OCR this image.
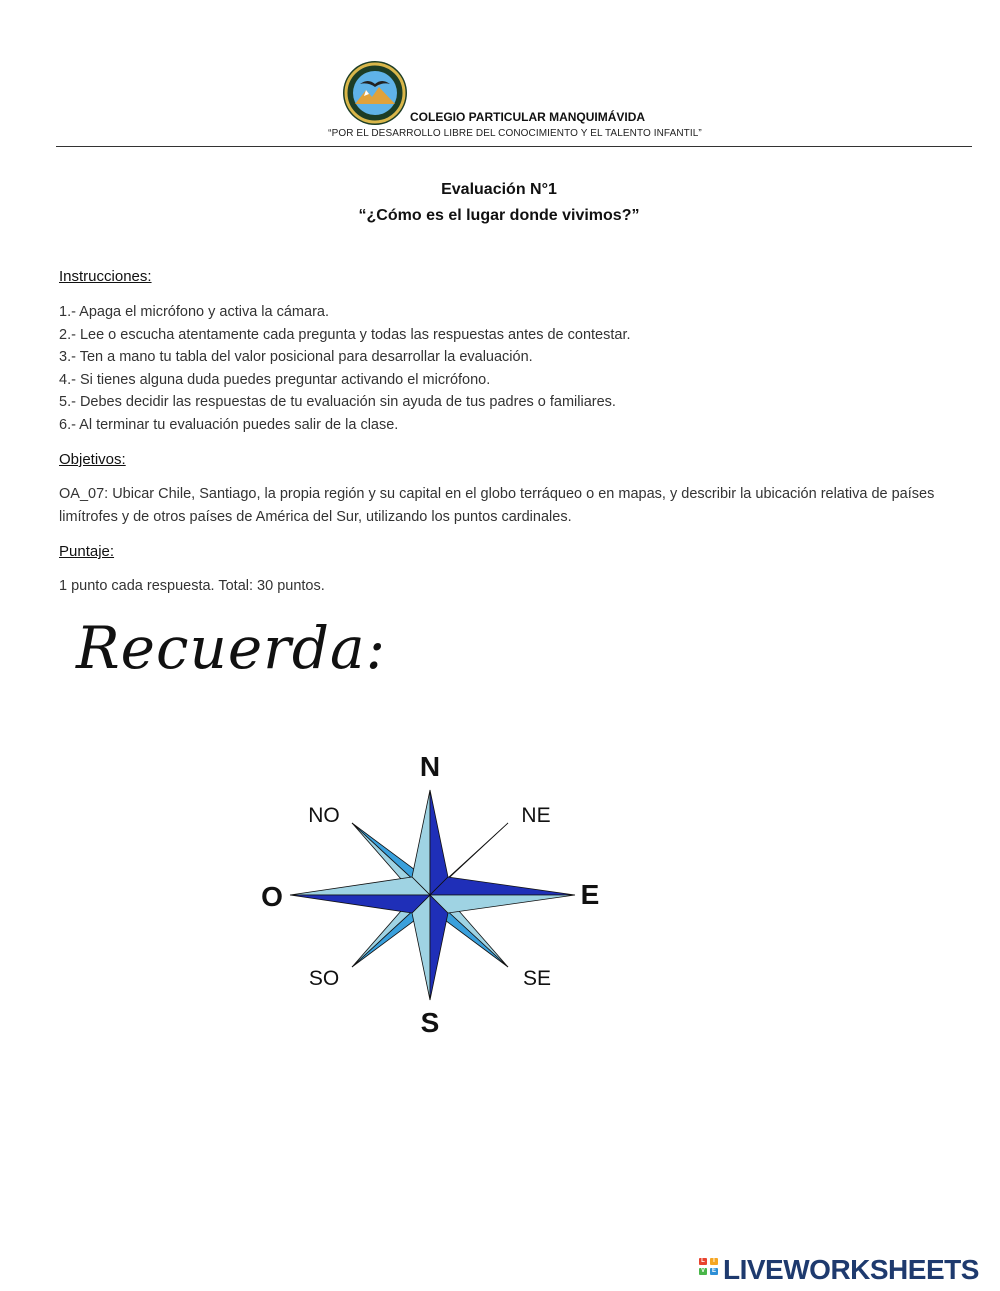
COLEGIO PARTICULAR MANQUIMÁVIDA
“POR EL DESARROLLO LIBRE DEL CONOCIMIENTO Y EL TALENTO INFANTIL”
Evaluación N°1
“¿Cómo es el lugar donde vivimos?”
Instrucciones:
1.- Apaga el micrófono y activa la cámara.
2.- Lee o escucha atentamente cada pregunta y todas las respuestas antes de contestar.
3.- Ten a mano tu tabla del valor posicional para desarrollar la evaluación.
4.- Si tienes alguna duda puedes preguntar activando el micrófono.
5.- Debes decidir las respuestas de tu evaluación sin ayuda de tus padres o familiares.
6.- Al terminar tu evaluación puedes salir de la clase.
Objetivos:
OA_07: Ubicar Chile, Santiago, la propia región y su capital en el globo terráqueo o en mapas, y describir la ubicación relativa de países limítrofes y de otros países de América del Sur, utilizando los puntos cardinales.
Puntaje:
1 punto cada respuesta. Total: 30 puntos.
Recuerda:
N
S
E
O
NE
NO
SE
SO
L	I
V	E LIVEWORKSHEETS
